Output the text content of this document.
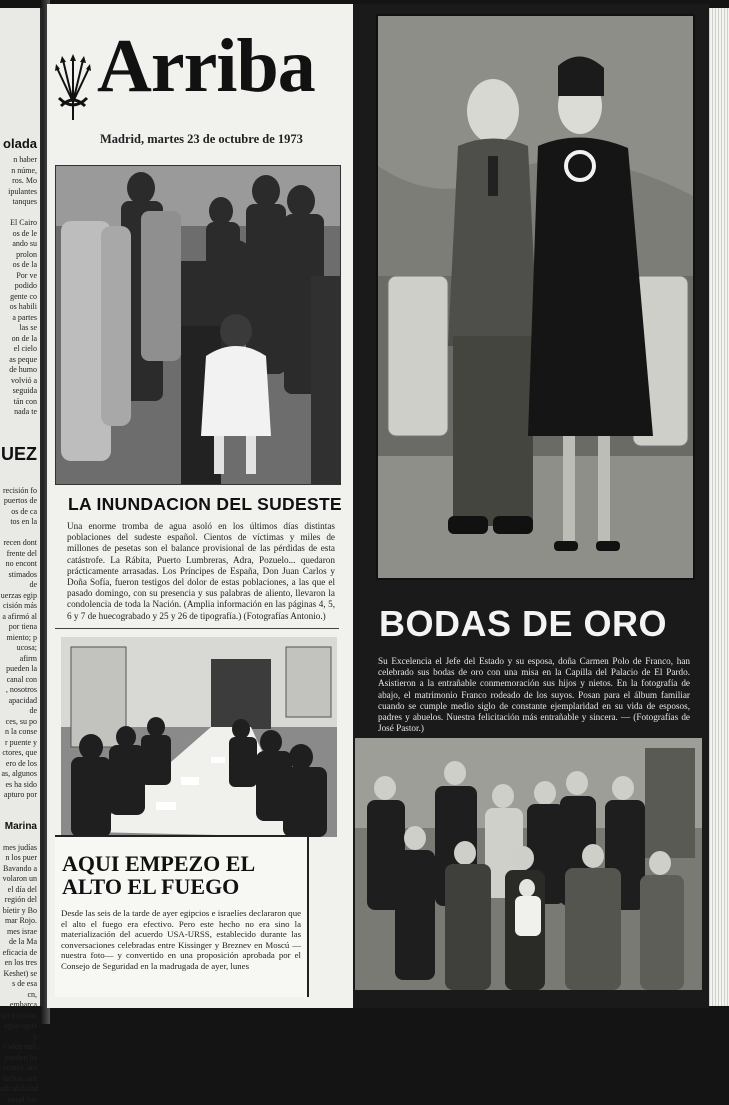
olada
n haber
n núme,
ros. Mo
ipulantes
tanques

El Cairo
os de le
ando su
prolon
os de la
Por ve
podido
gente co
os habili
a partes
las se
on de la
el cielo
as peque
de humo
volvió a
seguida
tán con
nada te
UEZ
recisión fo
puertos de
os de ca
tos en la

recen dont
frente del
no encont
stimados de
uerzas egip
cisión más
a afirmó al
por tiena
miento; p
ucosa; afirm
pueden la
canal con
, nosotros
apacidad de
ces, su po
n la conse
r puente y
ctores, que
ero de los
as, algunos
es ha sido
apturo por
Marina
mes judías
n los puer
Bavando a
volaron un
el día del
región del
bíetir y Bo
mar Rojo.
mes israe
de la Ma
eficacia de
en los tres
Keshet) se
s de esa
cn, embarca
un misiona
agua-agua y
cados mili
pueden ha
vento), am
luchas aint
offcabilidad
naval fue
Arriba
Madrid, martes 23 de octubre de 1973
LA INUNDACION DEL SUDESTE
Una enorme tromba de agua asoló en los últimos días distintas poblaciones del sudeste español. Cientos de víctimas y miles de millones de pesetas son el balance provisional de las pérdidas de esta catástrofe. La Rábita, Puerto Lumbreras, Adra, Pozuelo... quedaron prácticamente arrasadas. Los Príncipes de España, Don Juan Carlos y Doña Sofía, fueron testigos del dolor de estas poblaciones, a las que el pasado domingo, con su presencia y sus palabras de aliento, llevaron la condolencia de toda la Nación. (Amplia información en las páginas 4, 5, 6 y 7 de huecograbado y 25 y 26 de tipografía.) (Fotografías Antonio.)
AQUI EMPEZO EL ALTO EL FUEGO
Desde las seis de la tarde de ayer egipcios e israelíes declararon que el alto el fuego era efectivo. Pero este hecho no era sino la materialización del acuerdo USA-URSS, establecido durante las conversaciones celebradas entre Kissinger y Breznev en Moscú —nuestra foto— y convertido en una proposición aprobada por el Consejo de Seguridad en la madrugada de ayer, lunes
BODAS DE ORO
Su Excelencia el Jefe del Estado y su esposa, doña Carmen Polo de Franco, han celebrado sus bodas de oro con una misa en la Capilla del Palacio de El Pardo. Asistieron a la entrañable conmemoración sus hijos y nietos. En la fotografía de abajo, el matrimonio Franco rodeado de los suyos. Posan para el álbum familiar cuando se cumple medio siglo de constante ejemplaridad en su vida de esposos, padres y abuelos. Nuestra felicitación más entrañable y sincera. — (Fotografías de José Pastor.)
